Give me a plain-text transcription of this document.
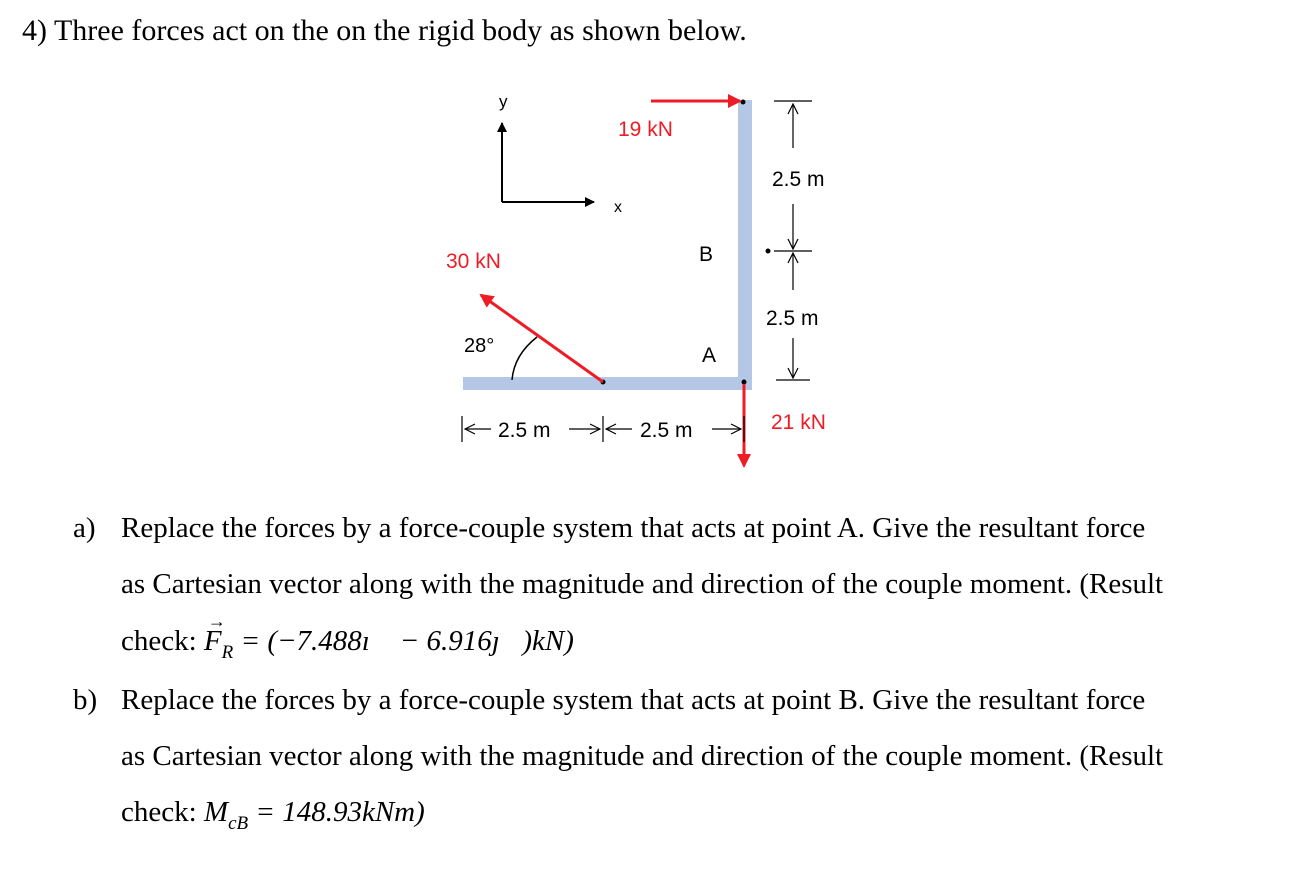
4) Three forces act on the on the rigid body as shown below.
y
x
B
A
19 kN
30 kN
28°
21 kN
2.5 m
2.5 m
2.5 m	2.5 m
a) Replace the forces by a force-couple system that acts at point A. Give the resultant force
as Cartesian vector along with the magnitude and direction of the couple moment. (Result
check:
→
$F_R$ = (−7.488ı⃗ − 6.916ȷ⃗)kN)
b) Replace the forces by a force-couple system that acts at point B. Give the resultant force
as Cartesian vector along with the magnitude and direction of the couple moment. (Result
check: $M_{cB} = 148.93kNm$)
